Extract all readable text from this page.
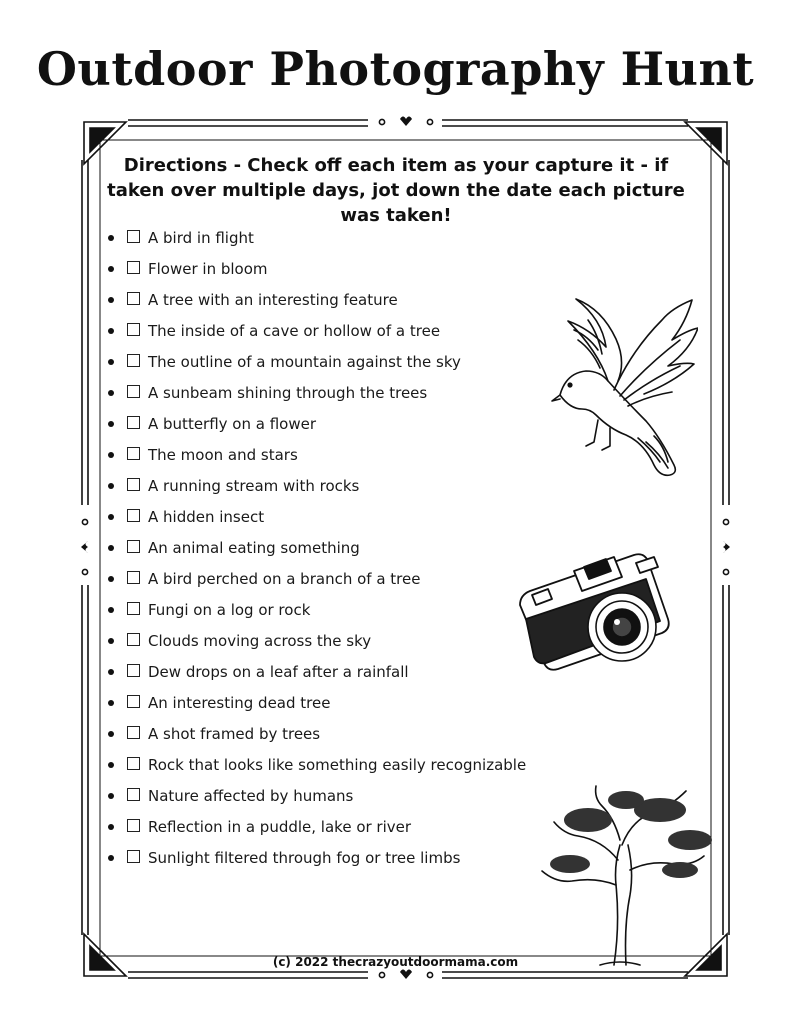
Outdoor Photography Hunt
Directions - Check off each item as your capture it - if taken over multiple days, jot down the date each picture was taken!
A bird in flight
Flower in bloom
A tree with an interesting feature
The inside of a cave or hollow of a tree
The outline of a mountain against the sky
A sunbeam shining through the trees
A butterfly on a flower
The moon and stars
A running stream with rocks
A hidden insect
An animal eating something
A bird perched on a branch of a tree
Fungi on a log or rock
Clouds moving across the sky
Dew drops on a leaf after a rainfall
An interesting dead tree
A shot framed by trees
Rock that looks like something easily recognizable
Nature affected by humans
Reflection in a puddle, lake or river
Sunlight filtered through fog or tree limbs
(c) 2022 thecrazyoutdoormama.com
